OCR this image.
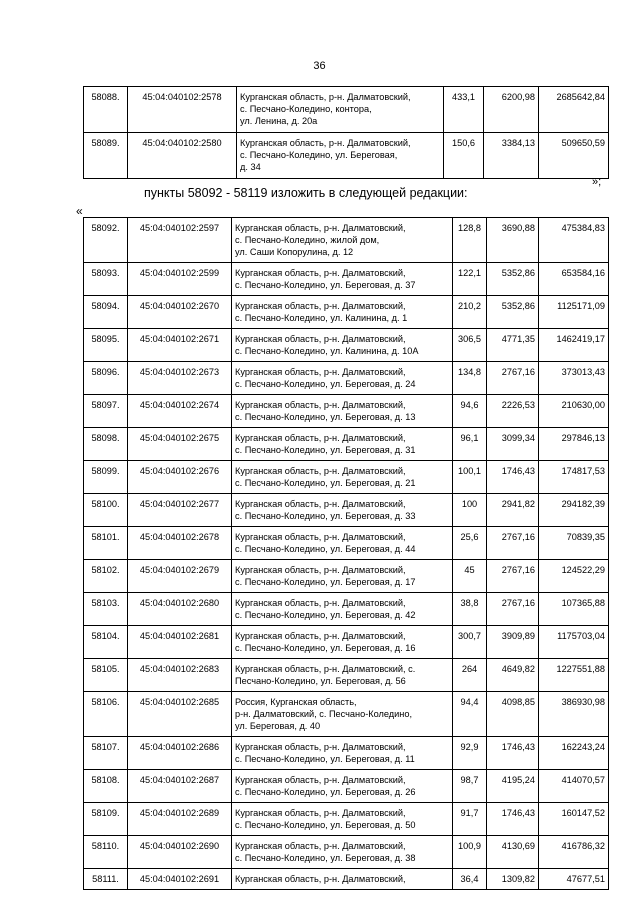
36
58088.	45:04:040102:2578	Курганская область, р-н. Далматовский,
с. Песчано-Коледино, контора,
ул. Ленина, д. 20а	433,1	6200,98	2685642,84
58089.	45:04:040102:2580	Курганская область, р-н. Далматовский,
с. Песчано-Коледино, ул. Береговая,
д. 34	150,6	3384,13	509650,59
»;
пункты 58092 - 58119 изложить в следующей редакции:
«
58092.	45:04:040102:2597	Курганская область, р-н. Далматовский,
с. Песчано-Коледино, жилой дом,
ул. Саши Копорулина, д. 12	128,8	3690,88	475384,83
58093.	45:04:040102:2599	Курганская область, р-н. Далматовский,
с. Песчано-Коледино, ул. Береговая, д. 37	122,1	5352,86	653584,16
58094.	45:04:040102:2670	Курганская область, р-н. Далматовский,
с. Песчано-Коледино, ул. Калинина, д. 1	210,2	5352,86	1125171,09
58095.	45:04:040102:2671	Курганская область, р-н. Далматовский,
с. Песчано-Коледино, ул. Калинина, д. 10А	306,5	4771,35	1462419,17
58096.	45:04:040102:2673	Курганская область, р-н. Далматовский,
с. Песчано-Коледино, ул. Береговая, д. 24	134,8	2767,16	373013,43
58097.	45:04:040102:2674	Курганская область, р-н. Далматовский,
с. Песчано-Коледино, ул. Береговая, д. 13	94,6	2226,53	210630,00
58098.	45:04:040102:2675	Курганская область, р-н. Далматовский,
с. Песчано-Коледино, ул. Береговая, д. 31	96,1	3099,34	297846,13
58099.	45:04:040102:2676	Курганская область, р-н. Далматовский,
с. Песчано-Коледино, ул. Береговая, д. 21	100,1	1746,43	174817,53
58100.	45:04:040102:2677	Курганская область, р-н. Далматовский,
с. Песчано-Коледино, ул. Береговая, д. 33	100	2941,82	294182,39
58101.	45:04:040102:2678	Курганская область, р-н. Далматовский,
с. Песчано-Коледино, ул. Береговая, д. 44	25,6	2767,16	70839,35
58102.	45:04:040102:2679	Курганская область, р-н. Далматовский,
с. Песчано-Коледино, ул. Береговая, д. 17	45	2767,16	124522,29
58103.	45:04:040102:2680	Курганская область, р-н. Далматовский,
с. Песчано-Коледино, ул. Береговая, д. 42	38,8	2767,16	107365,88
58104.	45:04:040102:2681	Курганская область, р-н. Далматовский,
с. Песчано-Коледино, ул. Береговая, д. 16	300,7	3909,89	1175703,04
58105.	45:04:040102:2683	Курганская область, р-н. Далматовский, с.
Песчано-Коледино, ул. Береговая, д. 56	264	4649,82	1227551,88
58106.	45:04:040102:2685	Россия, Курганская область,
р-н. Далматовский, с. Песчано-Коледино,
ул. Береговая, д. 40	94,4	4098,85	386930,98
58107.	45:04:040102:2686	Курганская область, р-н. Далматовский,
с. Песчано-Коледино, ул. Береговая, д. 11	92,9	1746,43	162243,24
58108.	45:04:040102:2687	Курганская область, р-н. Далматовский,
с. Песчано-Коледино, ул. Береговая, д. 26	98,7	4195,24	414070,57
58109.	45:04:040102:2689	Курганская область, р-н. Далматовский,
с. Песчано-Коледино, ул. Береговая, д. 50	91,7	1746,43	160147,52
58110.	45:04:040102:2690	Курганская область, р-н. Далматовский,
с. Песчано-Коледино, ул. Береговая, д. 38	100,9	4130,69	416786,32
58111.	45:04:040102:2691	Курганская область, р-н. Далматовский,	36,4	1309,82	47677,51
